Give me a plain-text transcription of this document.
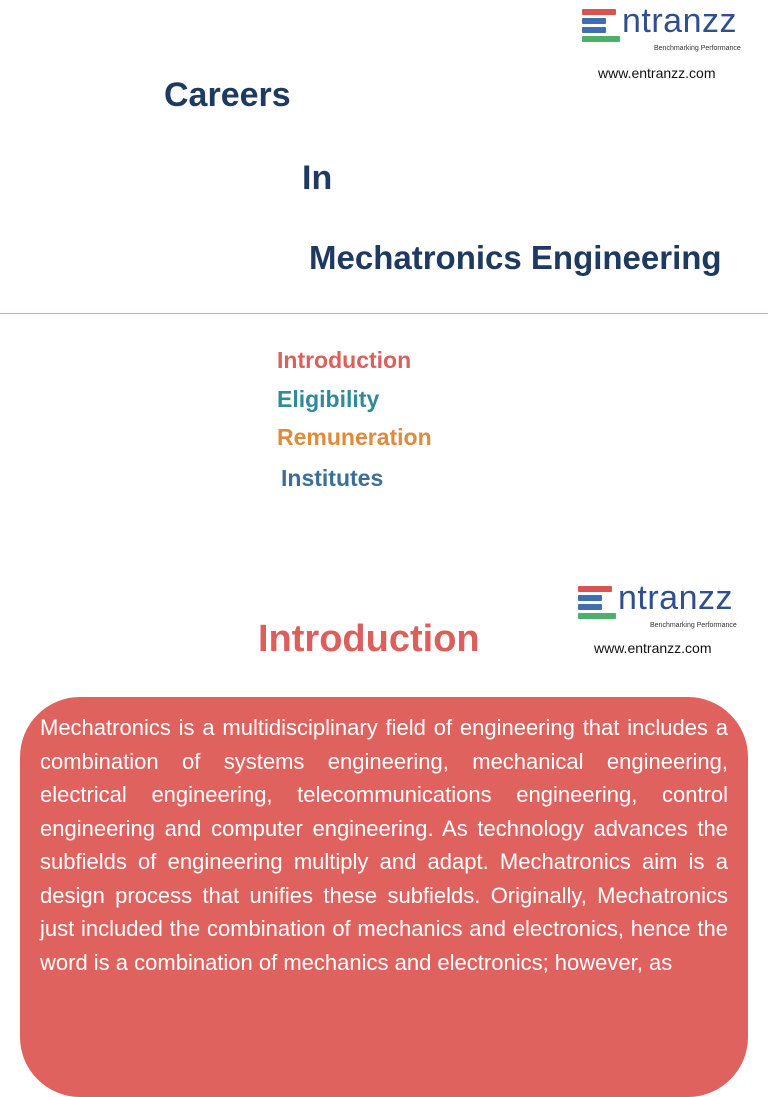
ntranzz
Benchmarking Performance
www.entranzz.com
Careers
In
Mechatronics Engineering
Introduction
Eligibility
Remuneration
Institutes
ntranzz
Benchmarking Performance
www.entranzz.com
Introduction
Mechatronics is a multidisciplinary field of engineering that includes a combination of systems engineering, mechanical engineering, electrical engineering, telecommunications engineering, control engineering and computer engineering. As technology advances the subfields of engineering multiply and adapt. Mechatronics aim is a design process that unifies these subfields. Originally, Mechatronics just included the combination of mechanics and electronics, hence the word is a combination of mechanics and electronics; however, as
